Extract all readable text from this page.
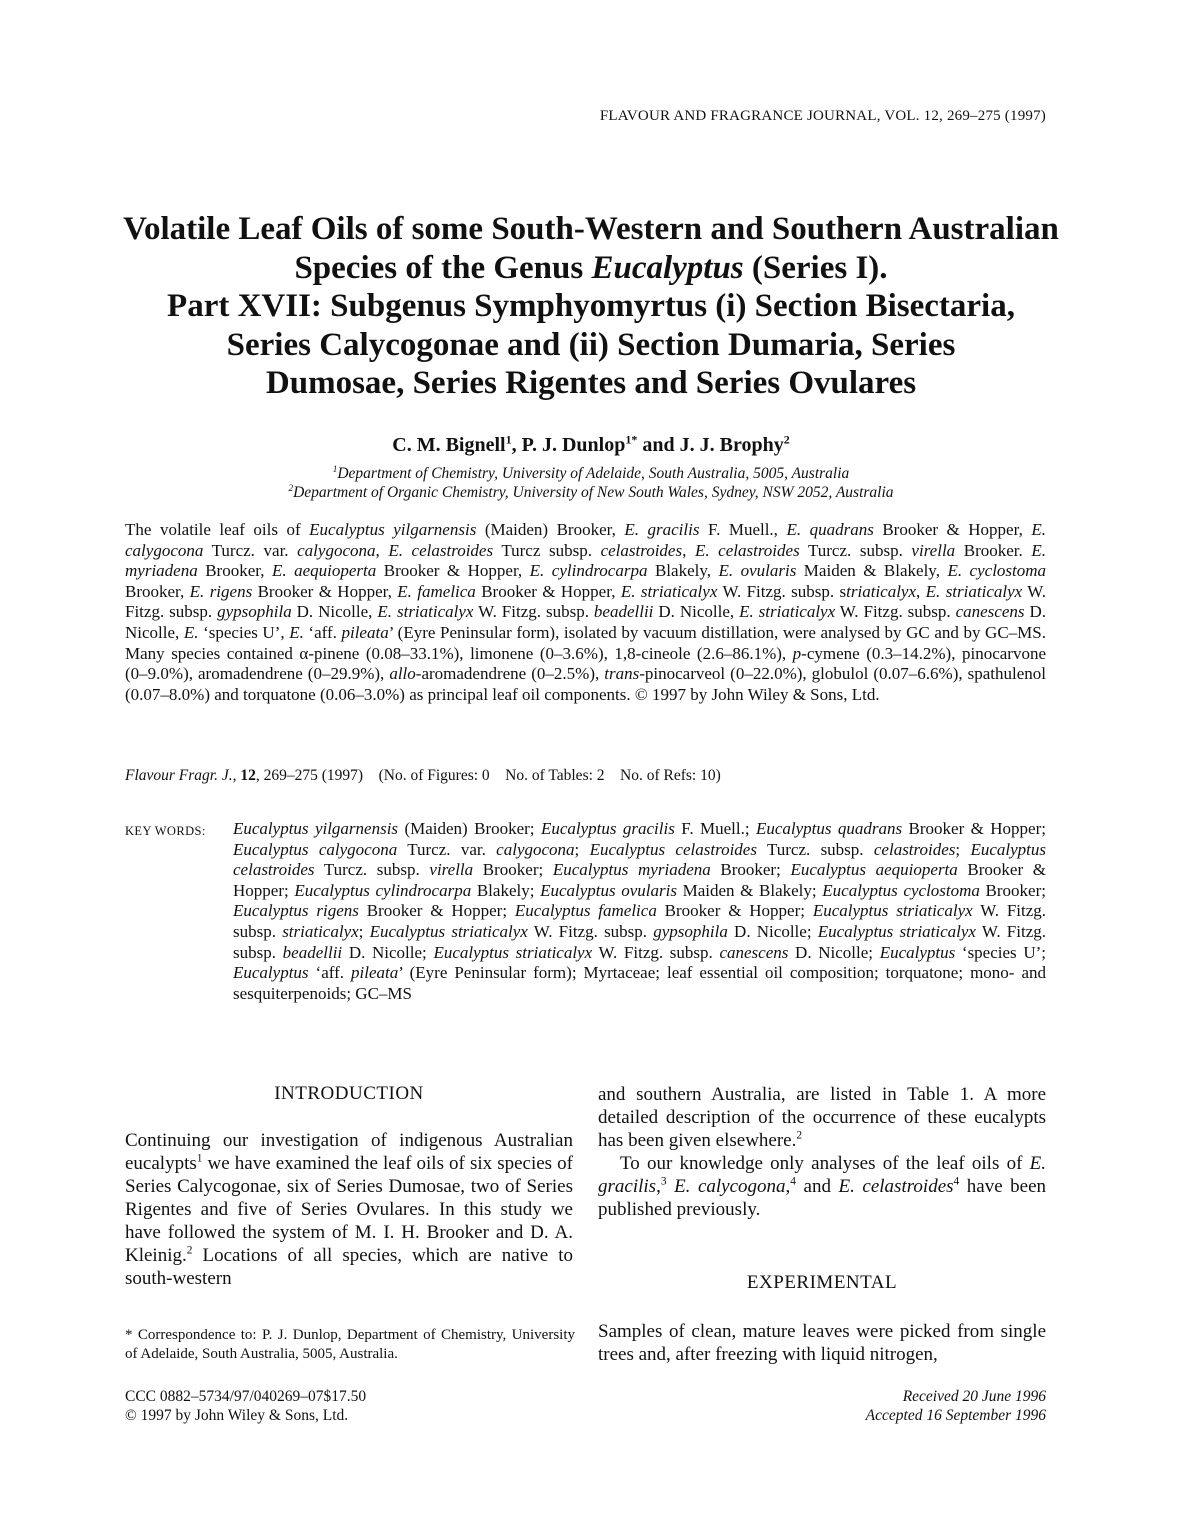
FLAVOUR AND FRAGRANCE JOURNAL, VOL. 12, 269–275 (1997)
Volatile Leaf Oils of some South-Western and Southern Australian
Species of the Genus Eucalyptus (Series I).
Part XVII: Subgenus Symphyomyrtus (i) Section Bisectaria,
Series Calycogonae and (ii) Section Dumaria, Series
Dumosae, Series Rigentes and Series Ovulares
C. M. Bignell$^1$, P. J. Dunlop$^{1*}$ and J. J. Brophy$^2$
$^1$Department of Chemistry, University of Adelaide, South Australia, 5005, Australia
$^2$Department of Organic Chemistry, University of New South Wales, Sydney, NSW 2052, Australia

The volatile leaf oils of Eucalyptus yilgarnensis (Maiden) Brooker, E. gracilis F. Muell., E. quadrans Brooker & Hopper, E. calygocona Turcz. var. calygocona, E. celastroides Turcz subsp. celastroides, E. celastroides Turcz. subsp. virella Brooker. E. myriadena Brooker, E. aequioperta Brooker & Hopper, E. cylindrocarpa Blakely, E. ovularis Maiden & Blakely, E. cyclostoma Brooker, E. rigens Brooker & Hopper, E. famelica Brooker & Hopper, E. striaticalyx W. Fitzg. subsp. striaticalyx, E. striaticalyx W. Fitzg. subsp. gypsophila D. Nicolle, E. striaticalyx W. Fitzg. subsp. beadellii D. Nicolle, E. striaticalyx W. Fitzg. subsp. canescens D. Nicolle, E. ‘species U’, E. ‘aff. pileata’ (Eyre Peninsular form), isolated by vacuum distillation, were analysed by GC and by GC–MS. Many species contained α-pinene (0.08–33.1%), limonene (0–3.6%), 1,8-cineole (2.6–86.1%), p-cymene (0.3–14.2%), pinocarvone (0–9.0%), aromadendrene (0–29.9%), allo-aromadendrene (0–2.5%), trans-pinocarveol (0–22.0%), globulol (0.07–6.6%), spathulenol (0.07–8.0%) and torquatone (0.06–3.0%) as principal leaf oil components. © 1997 by John Wiley & Sons, Ltd.

Flavour Fragr. J., 12, 269–275 (1997)    (No. of Figures: 0    No. of Tables: 2    No. of Refs: 10)
KEY WORDS: Eucalyptus yilgarnensis (Maiden) Brooker; Eucalyptus gracilis F. Muell.; Eucalyptus quadrans Brooker & Hopper; Eucalyptus calygocona Turcz. var. calygocona; Eucalyptus celastroides Turcz. subsp. celastroides; Eucalyptus celastroides Turcz. subsp. virella Brooker; Eucalyptus myriadena Brooker; Eucalyptus aequioperta Brooker & Hopper; Eucalyptus cylindrocarpa Blakely; Eucalyptus ovularis Maiden & Blakely; Eucalyptus cyclostoma Brooker; Eucalyptus rigens Brooker & Hopper; Eucalyptus famelica Brooker & Hopper; Eucalyptus striaticalyx W. Fitzg. subsp. striaticalyx; Eucalyptus striaticalyx W. Fitzg. subsp. gypsophila D. Nicolle; Eucalyptus striaticalyx W. Fitzg. subsp. beadellii D. Nicolle; Eucalyptus striaticalyx W. Fitzg. subsp. canescens D. Nicolle; Eucalyptus ‘species U’; Eucalyptus ‘aff. pileata’ (Eyre Peninsular form); Myrtaceae; leaf essential oil composition; torquatone; mono- and sesquiterpenoids; GC–MS
INTRODUCTION

Continuing our investigation of indigenous Australian eucalypts$^1$ we have examined the leaf oils of six species of Series Calycogonae, six of Series Dumosae, two of Series Rigentes and five of Series Ovulares. In this study we have followed the system of M. I. H. Brooker and D. A. Kleinig.$^2$ Locations of all species, which are native to south-western

and southern Australia, are listed in Table 1. A more detailed description of the occurrence of these eucalypts has been given elsewhere.$^2$

To our knowledge only analyses of the leaf oils of E. gracilis,$^3$ E. calycogona,$^4$ and E. celastroides$^4$ have been published previously.

EXPERIMENTAL

Samples of clean, mature leaves were picked from single trees and, after freezing with liquid nitrogen,

* Correspondence to: P. J. Dunlop, Department of Chemistry, University of Adelaide, South Australia, 5005, Australia.
CCC 0882–5734/97/040269–07$17.50
© 1997 by John Wiley & Sons, Ltd.
Received 20 June 1996
Accepted 16 September 1996
